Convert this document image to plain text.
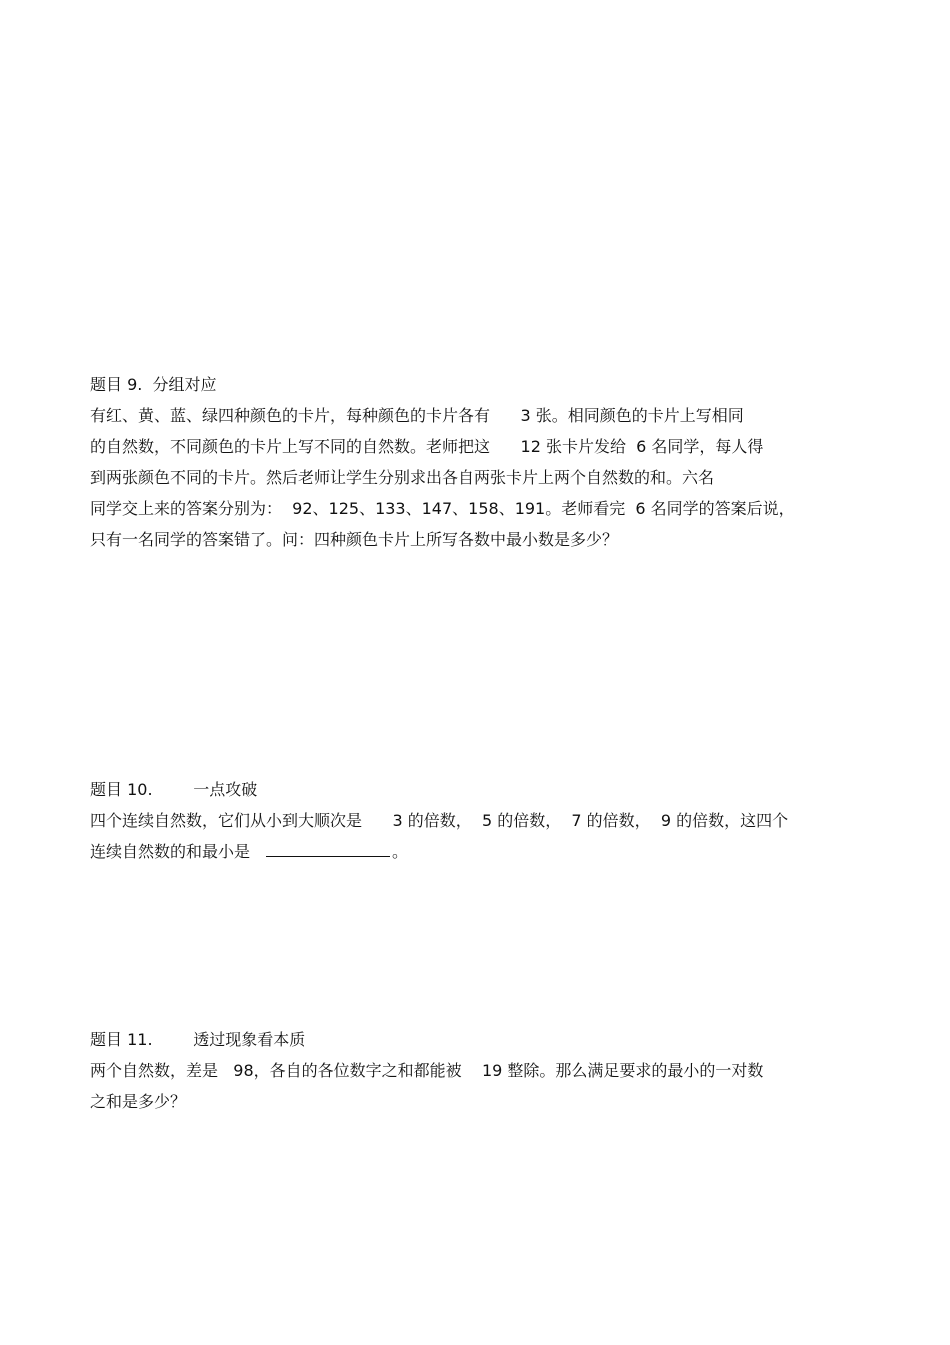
题目 9.  分组对应
有红、黄、蓝、绿四种颜色的卡片，每种颜色的卡片各有      3 张。相同颜色的卡片上写相同
的自然数，不同颜色的卡片上写不同的自然数。老师把这      12 张卡片发给  6 名同学，每人得
到两张颜色不同的卡片。然后老师让学生分别求出各自两张卡片上两个自然数的和。六名
同学交上来的答案分别为：  92、125、133、147、158、191。老师看完  6 名同学的答案后说，
只有一名同学的答案错了。问：四种颜色卡片上所写各数中最小数是多少？
题目 10.        一点攻破
四个连续自然数，它们从小到大顺次是      3 的倍数，  5 的倍数，  7 的倍数，  9 的倍数，这四个
连续自然数的和最小是	。
题目 11.        透过现象看本质
两个自然数，差是   98，各自的各位数字之和都能被    19 整除。那么满足要求的最小的一对数
之和是多少？
